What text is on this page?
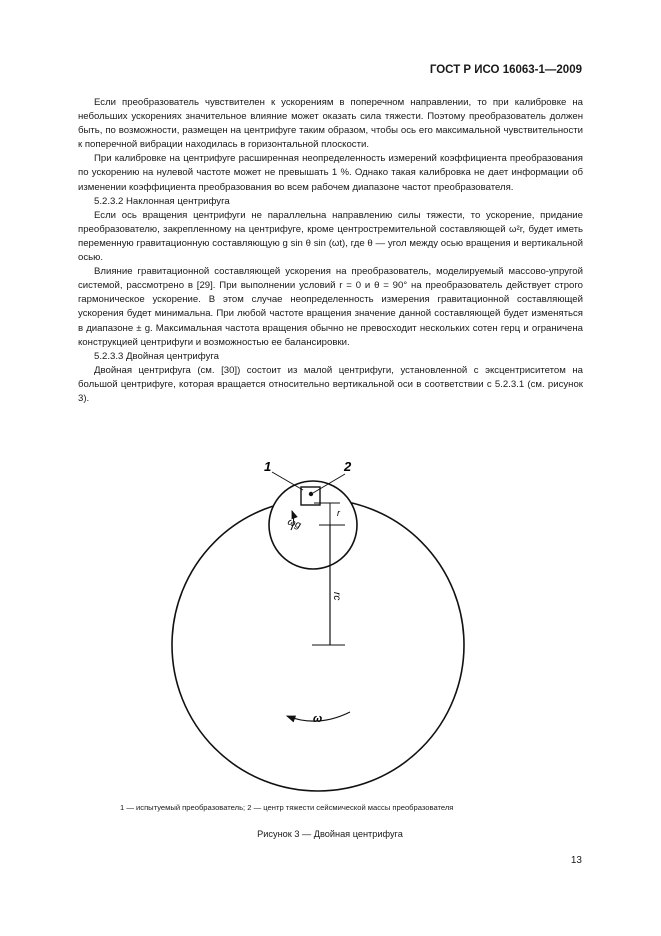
ГОСТ Р ИСО 16063-1—2009

Если преобразователь чувствителен к ускорениям в поперечном направлении, то при калибровке на небольших ускорениях значительное влияние может оказать сила тяжести. Поэтому преобразователь должен быть, по возможности, размещен на центрифуге таким образом, чтобы ось его максимальной чувствительности к поперечной вибрации находилась в горизонтальной плоскости.

При калибровке на центрифуге расширенная неопределенность измерений коэффициента преобразования по ускорению на нулевой частоте может не превышать 1 %. Однако такая калибровка не дает информации об изменении коэффициента преобразования во всем рабочем диапазоне частот преобразователя.

5.2.3.2 Наклонная центрифуга

Если ось вращения центрифуги не параллельна направлению силы тяжести, то ускорение, придание преобразователю, закрепленному на центрифуге, кроме центростремительной составляющей ω²r, будет иметь переменную гравитационную составляющую g sin θ sin (ωt), где θ — угол между осью вращения и вертикальной осью.

Влияние гравитационной составляющей ускорения на преобразователь, моделируемый массово-упругой системой, рассмотрено в [29]. При выполнении условий r = 0 и θ = 90° на преобразователь действует строго гармоническое ускорение. В этом случае неопределенность измерения гравитационной составляющей ускорения будет минимальна. При любой частоте вращения значение данной составляющей будет изменяться в диапазоне ± g. Максимальная частота вращения обычно не превосходит нескольких сотен герц и ограничена конструкцией центрифуги и возможностью ее балансировки.

5.2.3.3 Двойная центрифуга

Двойная центрифуга (см. [30]) состоит из малой центрифуги, установленной с эксцентриситетом на большой центрифуге, которая вращается относительно вертикальной оси в соответствии с 5.2.3.1 (см. рисунок 3).

1	2
r
rc
ωg
ω
1 — испытуемый преобразователь; 2 — центр тяжести сейсмической массы преобразователя
Рисунок 3 — Двойная центрифуга
13
